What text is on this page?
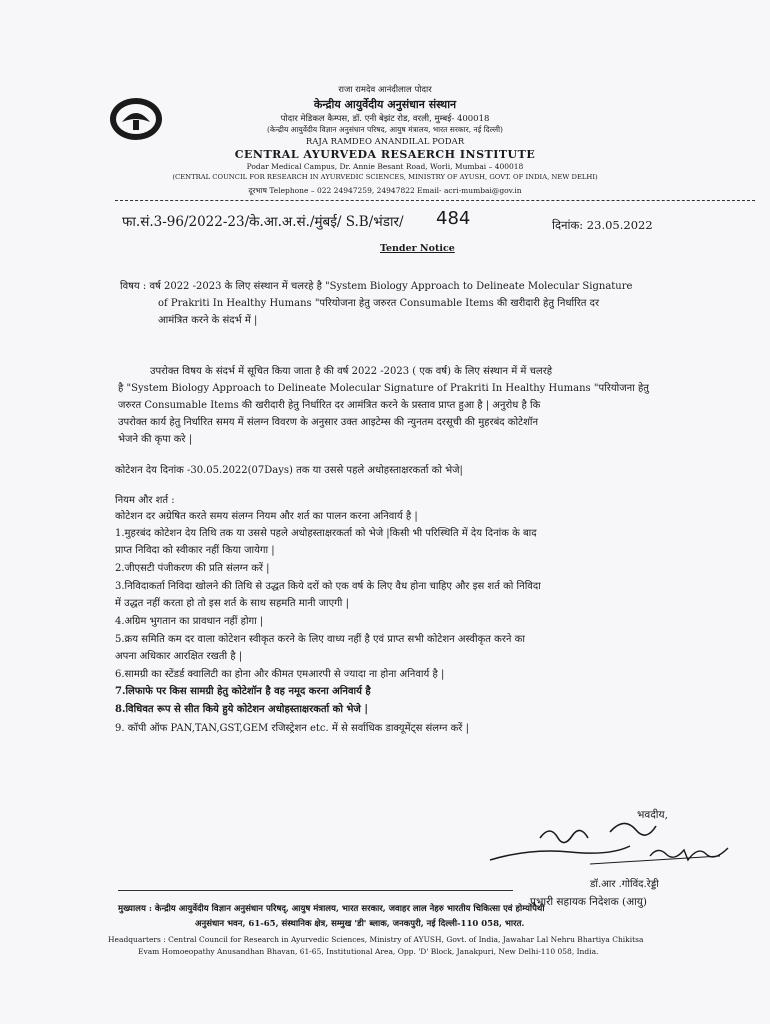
राजा रामदेव आनंदीलाल पोदार
केन्द्रीय आयुर्वेदीय अनुसंधान संस्थान
पोदार मेडिकल कैम्पस, डॉ. एनी बेझंट रोड, वरली, मुम्बई- 400018
(केन्द्रीय आयुर्वेदीय विज्ञान अनुसंधान परिषद, आयुष मंत्रालय, भारत सरकार, नई दिल्ली)
RAJA RAMDEO ANANDILAL PODAR
CENTRAL AYURVEDA RESAERCH INSTITUTE
Podar Medical Campus, Dr. Annie Besant Road, Worli, Mumbai – 400018
(CENTRAL COUNCIL FOR RESEARCH IN AYURVEDIC SCIENCES, MINISTRY OF AYUSH, GOVT. OF INDIA, NEW DELHI)
दूरभाष Telephone – 022 24947259, 24947822 Email- acri-mumbai@gov.in
फा.सं.3-96/2022-23/के.आ.अ.सं./मुंबई/ S.B/भंडार/ 484	दिनांक: 23.05.2022
Tender Notice
विषय : वर्ष 2022 -2023 के लिए संस्थान में चलरहे है "System Biology Approach to Delineate Molecular Signature
of Prakriti In Healthy Humans "परियोजना हेतु जरुरत Consumable Items की खरीदारी हेतु निर्धारित दर
आमंत्रित करने के संदर्भ में |
उपरोक्त विषय के संदर्भ में सूचित किया जाता है की वर्ष 2022 -2023 ( एक वर्ष) के लिए संस्थान में में चलरहे
है "System Biology Approach to Delineate Molecular Signature of Prakriti In Healthy Humans "परियोजना हेतु
जरुरत Consumable Items की खरीदारी हेतु निर्धारित दर आमंत्रित करने के प्रस्ताव प्राप्त हुआ है | अनुरोध है कि
उपरोक्त कार्य हेतु निर्धारित समय में संलग्न विवरण के अनुसार उक्त आइटेम्स की न्युनतम दरसूची की मुहरबंद कोटेशॉन
भेजने की कृपा करे |
कोटेशन देय दिनांक -30.05.2022(07Days) तक या उससे पहले अधोहस्ताक्षरकर्ता को भेजे|
नियम और शर्त :
कोटेशन दर अग्रेषित करते समय संलग्न नियम और शर्त का पालन करना अनिवार्य है |
1.मुहरबंद कोटेशन देय तिथि तक या उससे पहले अधोहस्ताक्षरकर्ता को भेजे |किसी भी परिस्थिति में देय दिनांक के बाद
प्राप्त निविदा को स्वीकार नहीं किया जायेगा |
2.जीएसटी पंजीकरण की प्रति संलग्न करें |
3.निविदाकर्ता निविदा खोलने की तिथि से उद्धत किये दरों को एक वर्ष के लिए वैध होना चाहिए और इस शर्त को निविदा
में उद्धत नहीं करता हो तो इस शर्त के साथ सहमति मानी जाएगी |
4.अग्रिम भुगतान का प्रावधान नहीं होगा |
5.क्रय समिति कम दर वाला कोटेशन स्वीकृत करने के लिए वाध्य नहीं है एवं प्राप्त सभी कोटेशन अस्वीकृत करने का
अपना अधिकार आरक्षित रखती है |
6.सामग्री का स्टेंडर्ड क्वालिटी का होना और कीमत एमआरपी से ज्यादा ना होना अनिवार्य है |
7.लिफाफे पर किस सामग्री हेतु कोटेशॉन है वह नमूद करना अनिवार्य है
8.विधिवत रूप से सीत किये हुये कोटेशन अधोहस्ताक्षरकर्ता को भेजे |
9. कॉपी ऑफ PAN,TAN,GST,GEM रजिस्ट्रेशन etc. में से सर्वाधिक डाक्यूमेंट्स संलग्न करें |
भवदीय,
डॉ.आर .गोविंद.रेड्डी
प्रभारी सहायक निदेशक (आयु)
मुख्यालय : केन्द्रीय आयुर्वेदीय विज्ञान अनुसंधान परिषद्, आयुष मंत्रालय, भारत सरकार, जवाहर लाल नेहरु भारतीय चिकित्सा एवं होम्योपैथी
अनुसंधान भवन, 61-65, संस्थानिक क्षेत्र, सम्मुख 'डी' ब्लाक, जनकपुरी, नई दिल्ली-110 058, भारत.
Headquarters : Central Council for Research in Ayurvedic Sciences, Ministry of AYUSH, Govt. of India, Jawahar Lal Nehru Bhartiya Chikitsa
Evam Homoeopathy Anusandhan Bhavan, 61-65, Institutional Area, Opp. 'D' Block, Janakpuri, New Delhi-110 058, India.
